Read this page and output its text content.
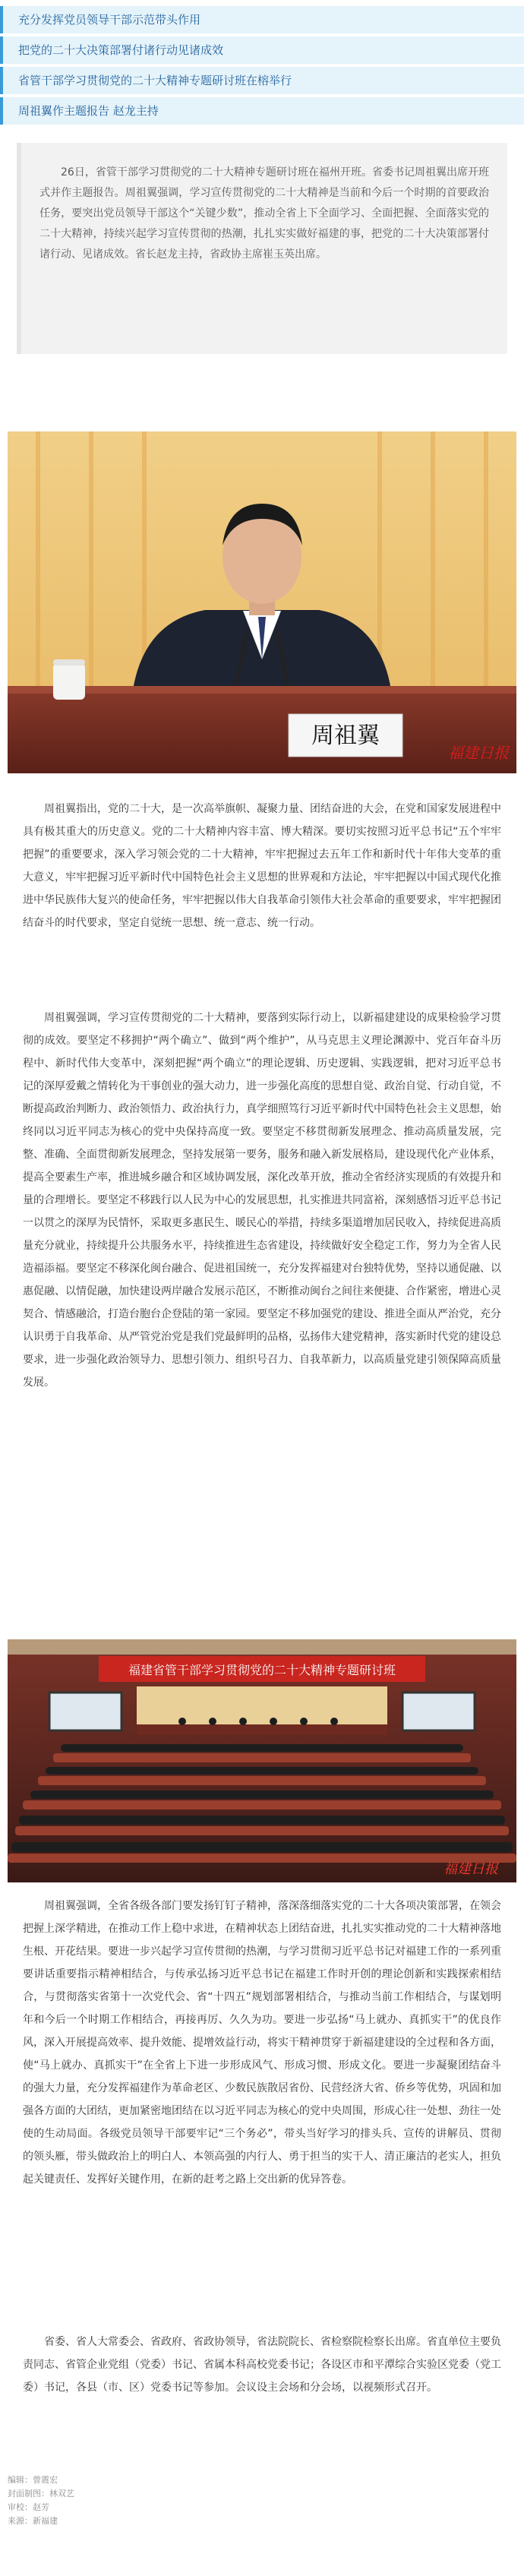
充分发挥党员领导干部示范带头作用
把党的二十大决策部署付诸行动见诸成效
省管干部学习贯彻党的二十大精神专题研讨班在榕举行
周祖翼作主题报告 赵龙主持

26日，省管干部学习贯彻党的二十大精神专题研讨班在福州开班。省委书记周祖翼出席开班式并作主题报告。周祖翼强调，学习宣传贯彻党的二十大精神是当前和今后一个时期的首要政治任务，要突出党员领导干部这个“关键少数”，推动全省上下全面学习、全面把握、全面落实党的二十大精神，持续兴起学习宣传贯彻的热潮，扎扎实实做好福建的事，把党的二十大决策部署付诸行动、见诸成效。省长赵龙主持，省政协主席崔玉英出席。

周祖翼
福建日报

周祖翼指出，党的二十大，是一次高举旗帜、凝聚力量、团结奋进的大会，在党和国家发展进程中具有极其重大的历史意义。党的二十大精神内容丰富、博大精深。要切实按照习近平总书记“五个牢牢把握”的重要要求，深入学习领会党的二十大精神，牢牢把握过去五年工作和新时代十年伟大变革的重大意义，牢牢把握习近平新时代中国特色社会主义思想的世界观和方法论，牢牢把握以中国式现代化推进中华民族伟大复兴的使命任务，牢牢把握以伟大自我革命引领伟大社会革命的重要要求，牢牢把握团结奋斗的时代要求，坚定自觉统一思想、统一意志、统一行动。

周祖翼强调，学习宣传贯彻党的二十大精神，要落到实际行动上，以新福建建设的成果检验学习贯彻的成效。要坚定不移拥护“两个确立”、做到“两个维护”，从马克思主义理论渊源中、党百年奋斗历程中、新时代伟大变革中，深刻把握“两个确立”的理论逻辑、历史逻辑、实践逻辑，把对习近平总书记的深厚爱戴之情转化为干事创业的强大动力，进一步强化高度的思想自觉、政治自觉、行动自觉，不断提高政治判断力、政治领悟力、政治执行力，真学细照笃行习近平新时代中国特色社会主义思想，始终同以习近平同志为核心的党中央保持高度一致。要坚定不移贯彻新发展理念、推动高质量发展，完整、准确、全面贯彻新发展理念，坚持发展第一要务，服务和融入新发展格局，建设现代化产业体系，提高全要素生产率，推进城乡融合和区域协调发展，深化改革开放，推动全省经济实现质的有效提升和量的合理增长。要坚定不移践行以人民为中心的发展思想，扎实推进共同富裕，深刻感悟习近平总书记一以贯之的深厚为民情怀，采取更多惠民生、暖民心的举措，持续多渠道增加居民收入，持续促进高质量充分就业，持续提升公共服务水平，持续推进生态省建设，持续做好安全稳定工作，努力为全省人民造福添福。要坚定不移深化闽台融合、促进祖国统一，充分发挥福建对台独特优势，坚持以通促融、以惠促融、以情促融，加快建设两岸融合发展示范区，不断推动闽台之间往来便捷、合作紧密，增进心灵契合、情感融洽，打造台胞台企登陆的第一家园。要坚定不移加强党的建设、推进全面从严治党，充分认识勇于自我革命、从严管党治党是我们党最鲜明的品格，弘扬伟大建党精神，落实新时代党的建设总要求，进一步强化政治领导力、思想引领力、组织号召力、自我革新力，以高质量党建引领保障高质量发展。

福建省管干部学习贯彻党的二十大精神专题研讨班
福建日报

周祖翼强调，全省各级各部门要发扬钉钉子精神，落深落细落实党的二十大各项决策部署，在领会把握上深学精进，在推动工作上稳中求进，在精神状态上团结奋进，扎扎实实推动党的二十大精神落地生根、开花结果。要进一步兴起学习宣传贯彻的热潮，与学习贯彻习近平总书记对福建工作的一系列重要讲话重要指示精神相结合，与传承弘扬习近平总书记在福建工作时开创的理论创新和实践探索相结合，与贯彻落实省第十一次党代会、省“十四五”规划部署相结合，与推动当前工作相结合，与谋划明年和今后一个时期工作相结合，再接再厉、久久为功。要进一步弘扬“马上就办、真抓实干”的优良作风，深入开展提高效率、提升效能、提增效益行动，将实干精神贯穿于新福建建设的全过程和各方面，使“马上就办、真抓实干”在全省上下进一步形成风气、形成习惯、形成文化。要进一步凝聚团结奋斗的强大力量，充分发挥福建作为革命老区、少数民族散居省份、民营经济大省、侨乡等优势，巩固和加强各方面的大团结，更加紧密地团结在以习近平同志为核心的党中央周围，形成心往一处想、劲往一处使的生动局面。各级党员领导干部要牢记“三个务必”，带头当好学习的排头兵、宣传的讲解员、贯彻的领头雁，带头做政治上的明白人、本领高强的内行人、勇于担当的实干人、清正廉洁的老实人，担负起关键责任、发挥好关键作用，在新的赶考之路上交出新的优异答卷。

省委、省人大常委会、省政府、省政协领导，省法院院长、省检察院检察长出席。省直单位主要负责同志、省管企业党组（党委）书记、省属本科高校党委书记；各设区市和平潭综合实验区党委（党工委）书记，各县（市、区）党委书记等参加。会议设主会场和分会场，以视频形式召开。

编辑：曾震宏
封面制图：林双艺
审校：赵芳
来源：新福建
